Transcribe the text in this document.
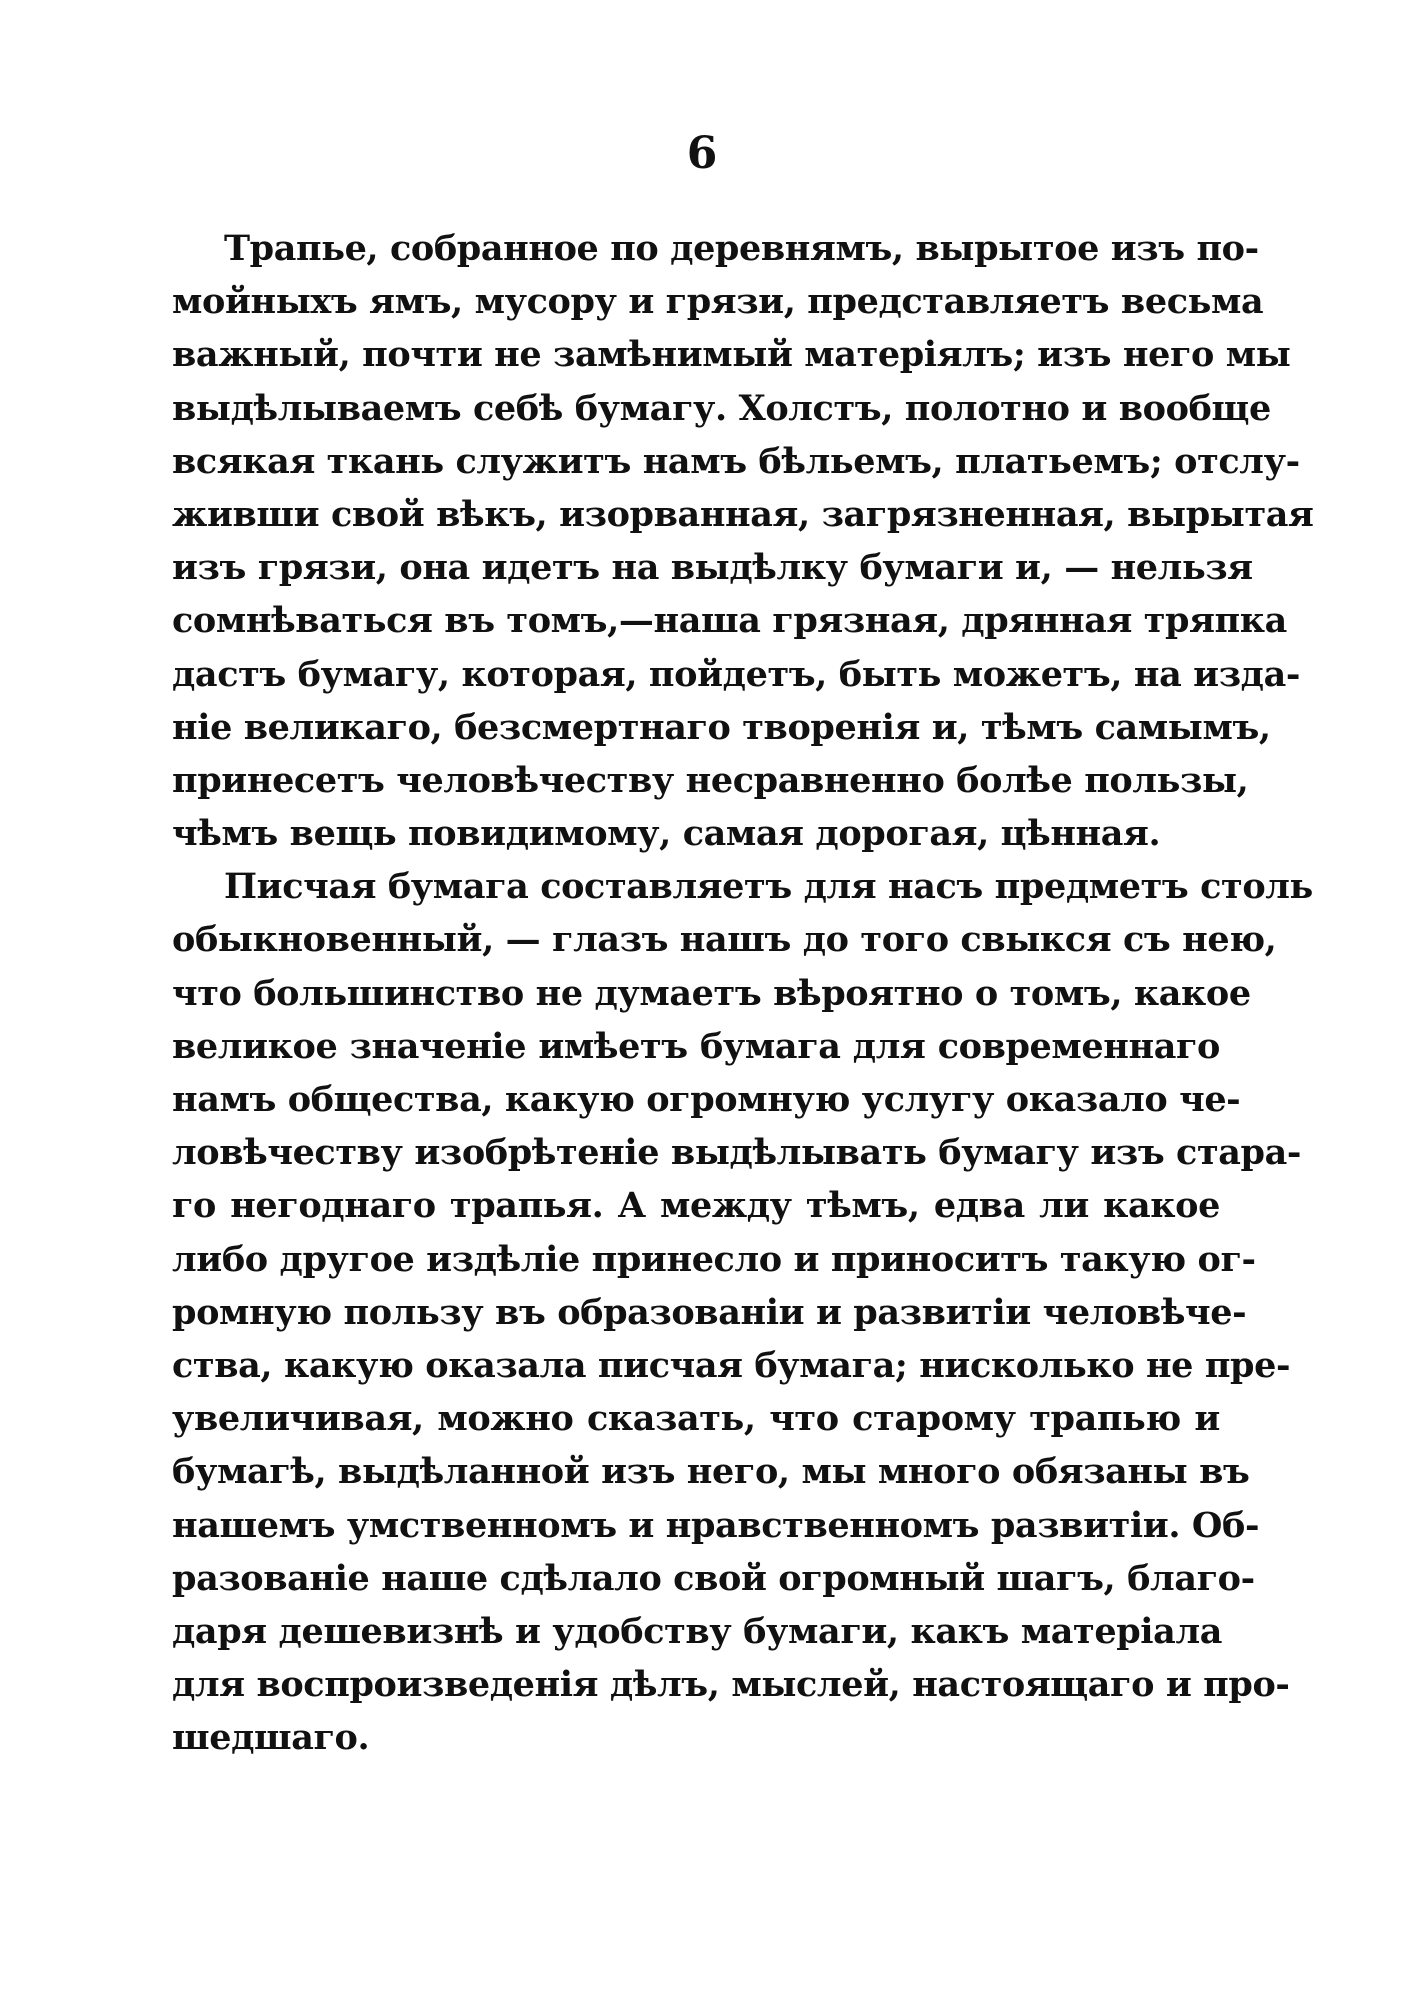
6
Трапье, собранное по деревнямъ, вырытое изъ по-
мойныхъ ямъ, мусору и грязи, представляетъ весьма
важный, почти не замѣнимый матеріялъ; изъ него мы
выдѣлываемъ себѣ бумагу. Холстъ, полотно и вообще
всякая ткань служитъ намъ бѣльемъ, платьемъ; отслу-
живши свой вѣкъ, изорванная, загрязненная, вырытая
изъ грязи, она идетъ на выдѣлку бумаги и, — нельзя
сомнѣваться въ томъ,—наша грязная, дрянная тряпка
дастъ бумагу, которая, пойдетъ, быть можетъ, на изда-
ніе великаго, безсмертнаго творенія и, тѣмъ самымъ,
принесетъ человѣчеству несравненно болѣе пользы,
чѣмъ вещь повидимому, самая дорогая, цѣнная.
Писчая бумага составляетъ для насъ предметъ столь
обыкновенный, — глазъ нашъ до того свыкся съ нею,
что большинство не думаетъ вѣроятно о томъ, какое
великое значеніе имѣетъ бумага для современнаго
намъ общества, какую огромную услугу оказало че-
ловѣчеству изобрѣтеніе выдѣлывать бумагу изъ стара-
го негоднаго трапья. А между тѣмъ, едва ли какое
либо другое издѣліе принесло и приноситъ такую ог-
ромную пользу въ образованіи и развитіи человѣче-
ства, какую оказала писчая бумага; нисколько не пре-
увеличивая, можно сказать, что старому трапью и
бумагѣ, выдѣланной изъ него, мы много обязаны въ
нашемъ умственномъ и нравственномъ развитіи. Об-
разованіе наше сдѣлало свой огромный шагъ, благо-
даря дешевизнѣ и удобству бумаги, какъ матеріала
для воспроизведенія дѣлъ, мыслей, настоящаго и про-
шедшаго.
